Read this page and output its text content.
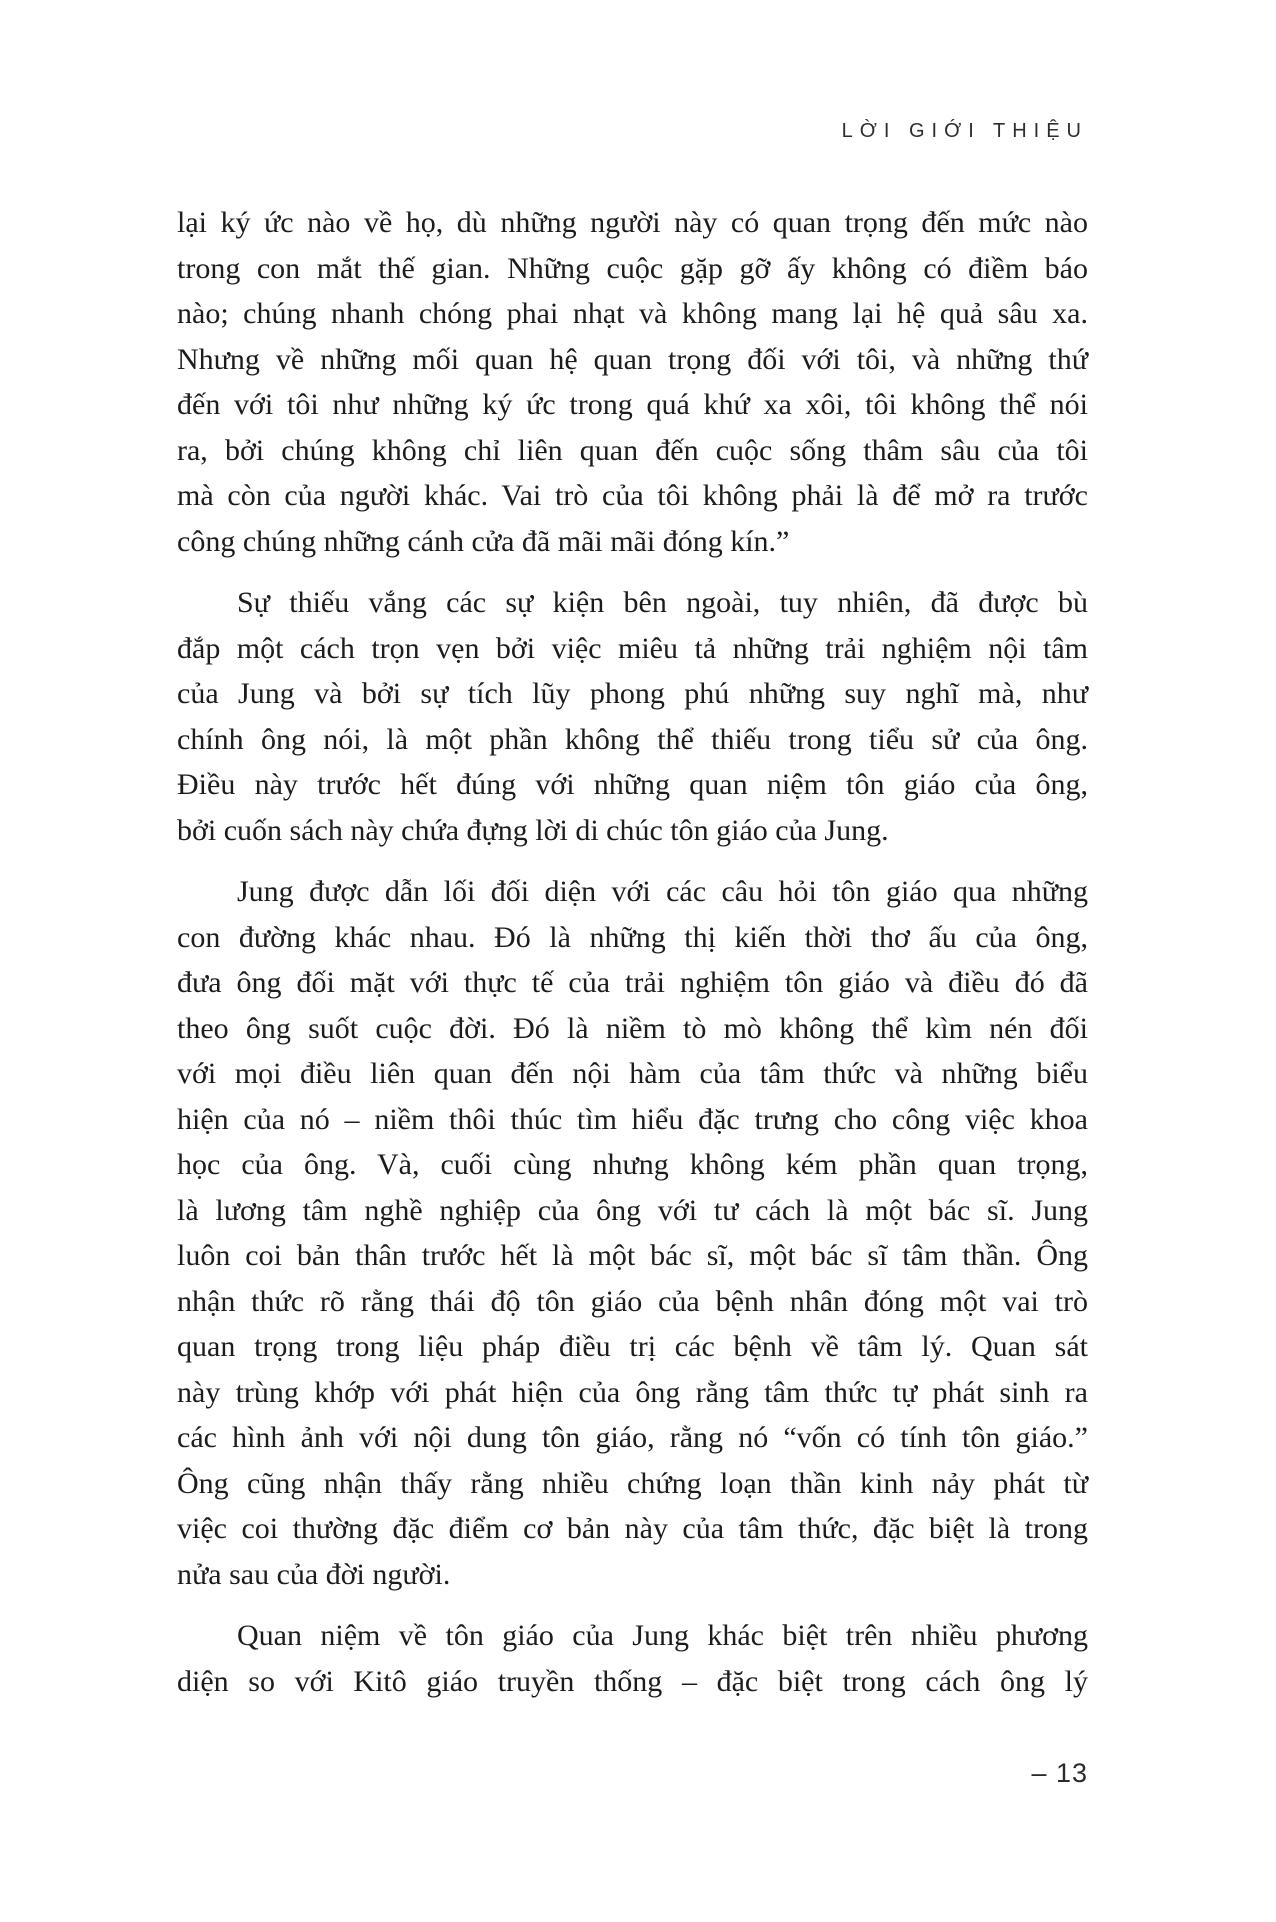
LỜI GIỚI THIỆU

lại ký ức nào về họ, dù những người này có quan trọng đến mức nào
trong con mắt thế gian. Những cuộc gặp gỡ ấy không có điềm báo
nào; chúng nhanh chóng phai nhạt và không mang lại hệ quả sâu xa.
Nhưng về những mối quan hệ quan trọng đối với tôi, và những thứ
đến với tôi như những ký ức trong quá khứ xa xôi, tôi không thể nói
ra, bởi chúng không chỉ liên quan đến cuộc sống thâm sâu của tôi
mà còn của người khác. Vai trò của tôi không phải là để mở ra trước
công chúng những cánh cửa đã mãi mãi đóng kín.”

Sự thiếu vắng các sự kiện bên ngoài, tuy nhiên, đã được bù
đắp một cách trọn vẹn bởi việc miêu tả những trải nghiệm nội tâm
của Jung và bởi sự tích lũy phong phú những suy nghĩ mà, như
chính ông nói, là một phần không thể thiếu trong tiểu sử của ông.
Điều này trước hết đúng với những quan niệm tôn giáo của ông,
bởi cuốn sách này chứa đựng lời di chúc tôn giáo của Jung.

Jung được dẫn lối đối diện với các câu hỏi tôn giáo qua những
con đường khác nhau. Đó là những thị kiến thời thơ ấu của ông,
đưa ông đối mặt với thực tế của trải nghiệm tôn giáo và điều đó đã
theo ông suốt cuộc đời. Đó là niềm tò mò không thể kìm nén đối
với mọi điều liên quan đến nội hàm của tâm thức và những biểu
hiện của nó – niềm thôi thúc tìm hiểu đặc trưng cho công việc khoa
học của ông. Và, cuối cùng nhưng không kém phần quan trọng,
là lương tâm nghề nghiệp của ông với tư cách là một bác sĩ. Jung
luôn coi bản thân trước hết là một bác sĩ, một bác sĩ tâm thần. Ông
nhận thức rõ rằng thái độ tôn giáo của bệnh nhân đóng một vai trò
quan trọng trong liệu pháp điều trị các bệnh về tâm lý. Quan sát
này trùng khớp với phát hiện của ông rằng tâm thức tự phát sinh ra
các hình ảnh với nội dung tôn giáo, rằng nó “vốn có tính tôn giáo.”
Ông cũng nhận thấy rằng nhiều chứng loạn thần kinh nảy phát từ
việc coi thường đặc điểm cơ bản này của tâm thức, đặc biệt là trong
nửa sau của đời người.

Quan niệm về tôn giáo của Jung khác biệt trên nhiều phương
diện so với Kitô giáo truyền thống – đặc biệt trong cách ông lý

– 13
